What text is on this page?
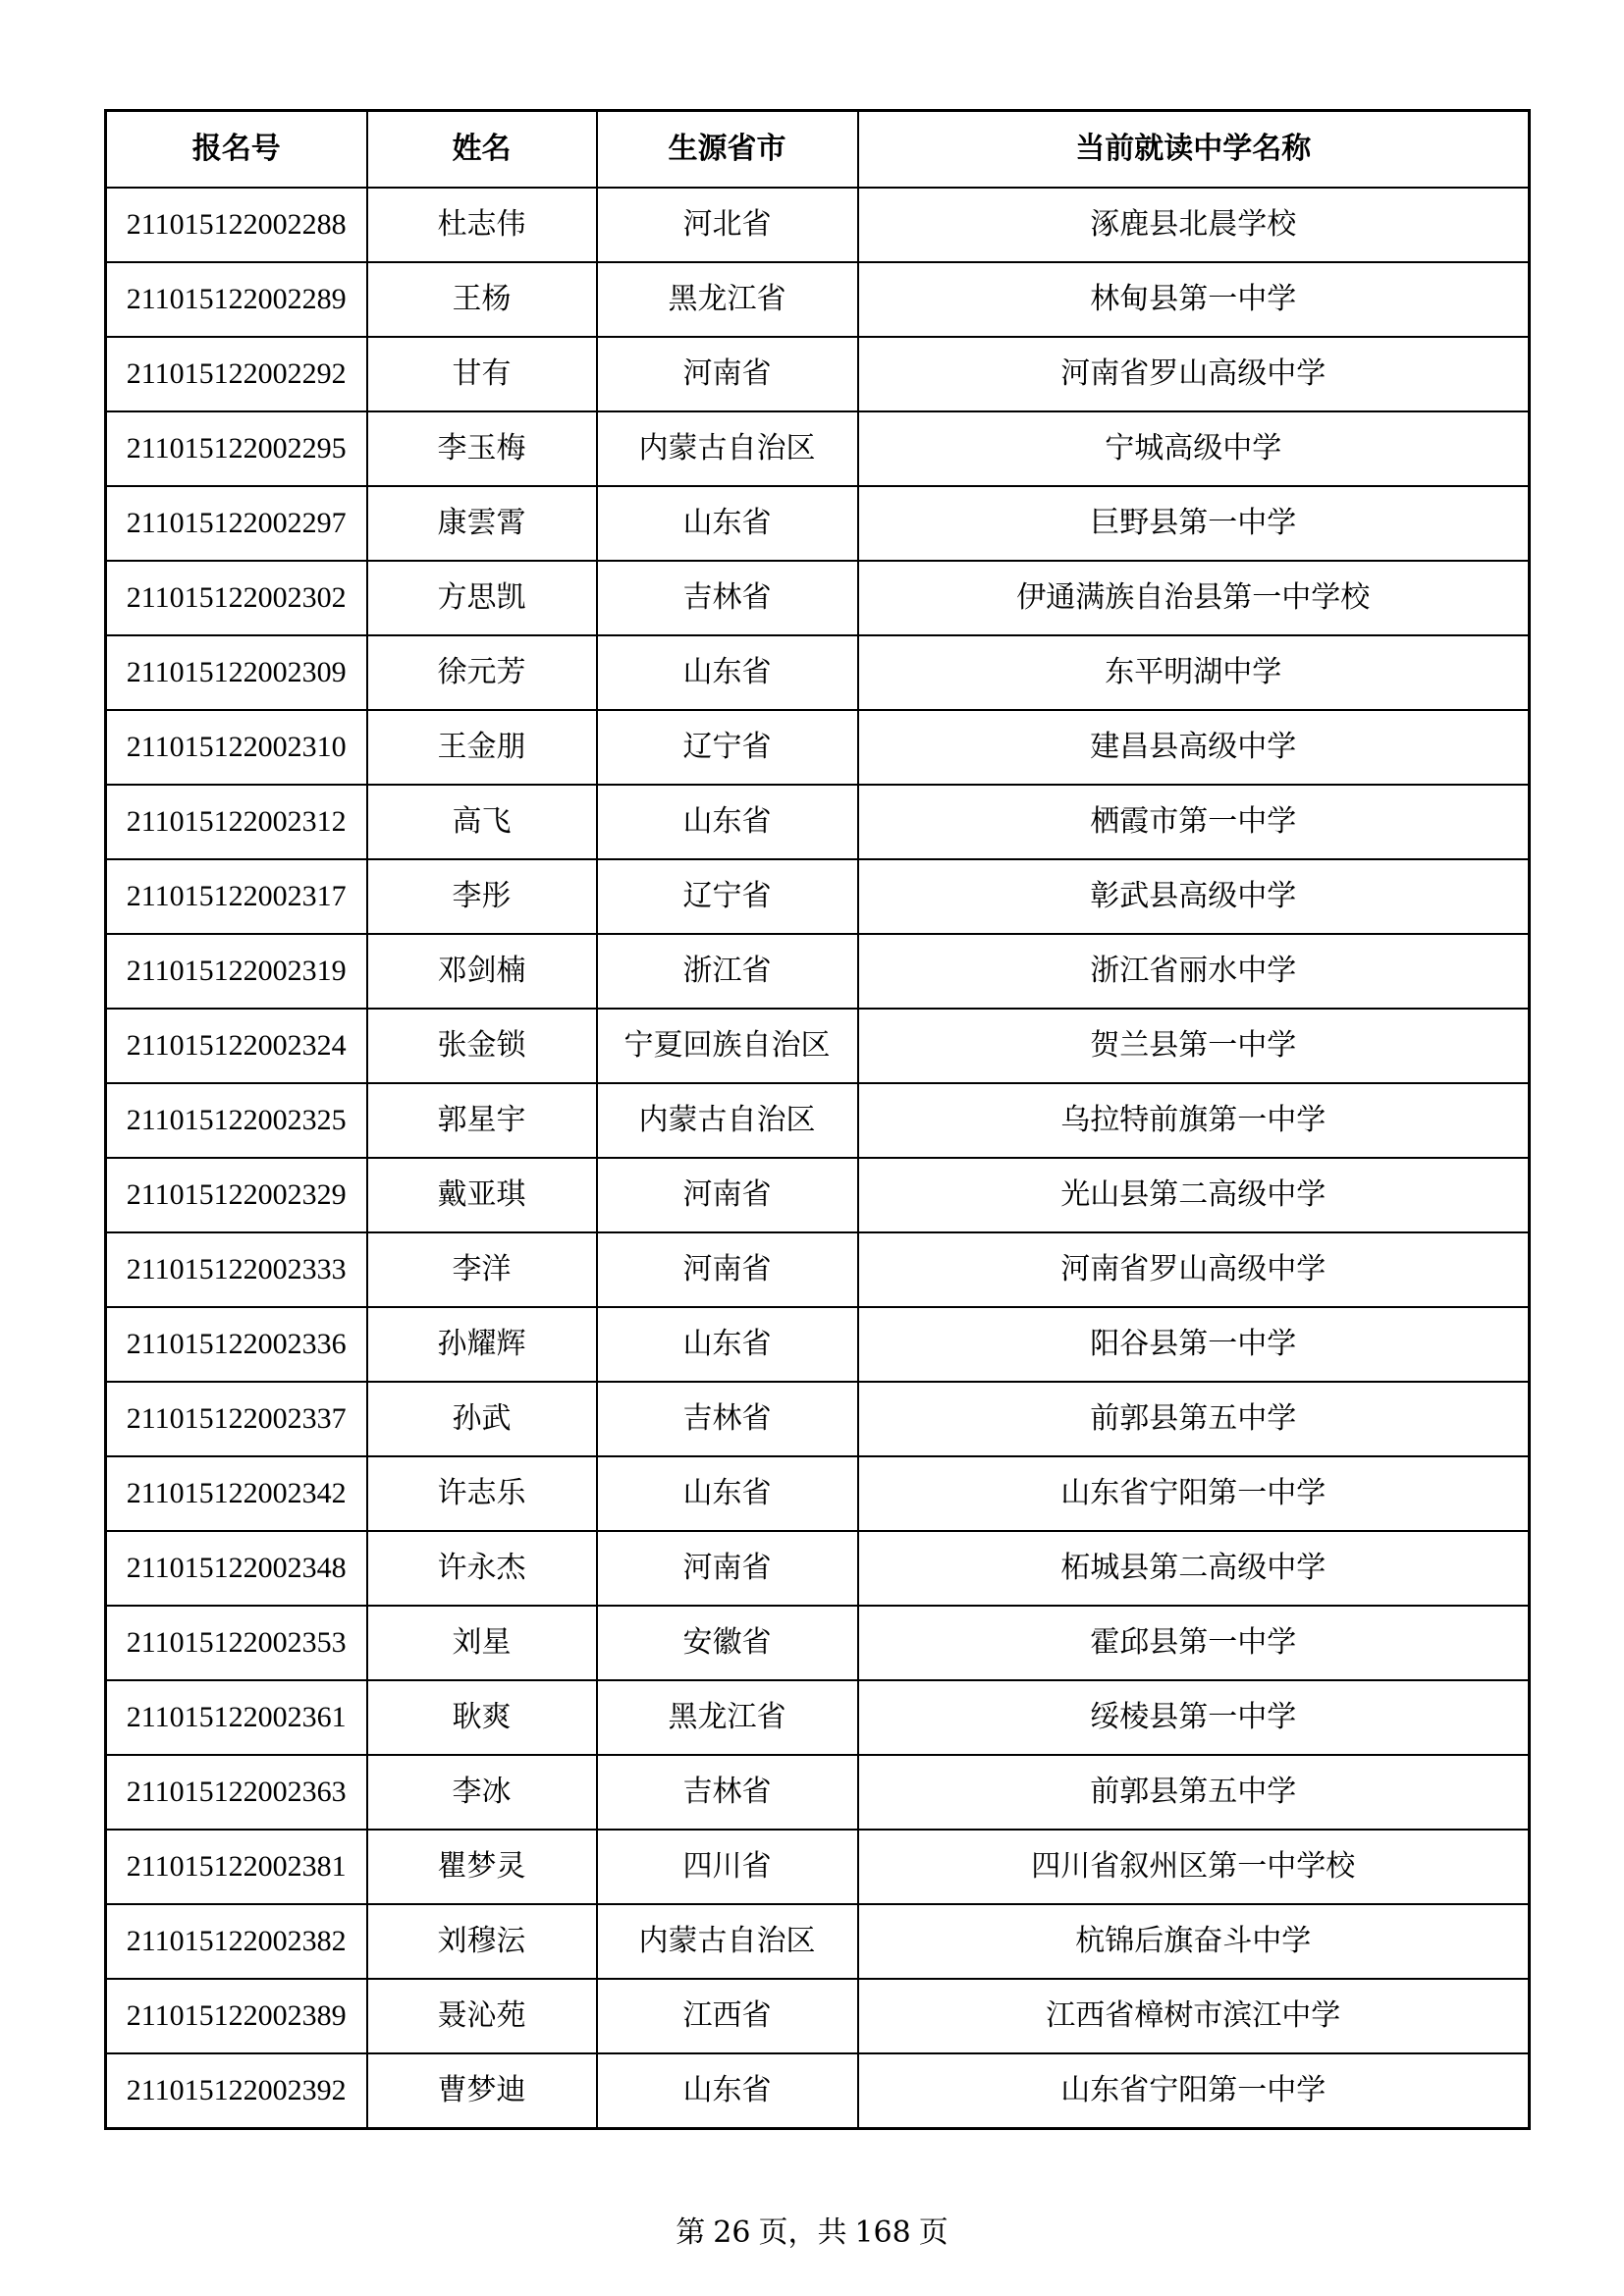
报名号	姓名	生源省市	当前就读中学名称
211015122002288	杜志伟	河北省	涿鹿县北晨学校
211015122002289	王杨	黑龙江省	林甸县第一中学
211015122002292	甘有	河南省	河南省罗山高级中学
211015122002295	李玉梅	内蒙古自治区	宁城高级中学
211015122002297	康雲霄	山东省	巨野县第一中学
211015122002302	方思凯	吉林省	伊通满族自治县第一中学校
211015122002309	徐元芳	山东省	东平明湖中学
211015122002310	王金朋	辽宁省	建昌县高级中学
211015122002312	高飞	山东省	栖霞市第一中学
211015122002317	李彤	辽宁省	彰武县高级中学
211015122002319	邓剑楠	浙江省	浙江省丽水中学
211015122002324	张金锁	宁夏回族自治区	贺兰县第一中学
211015122002325	郭星宇	内蒙古自治区	乌拉特前旗第一中学
211015122002329	戴亚琪	河南省	光山县第二高级中学
211015122002333	李洋	河南省	河南省罗山高级中学
211015122002336	孙耀辉	山东省	阳谷县第一中学
211015122002337	孙武	吉林省	前郭县第五中学
211015122002342	许志乐	山东省	山东省宁阳第一中学
211015122002348	许永杰	河南省	柘城县第二高级中学
211015122002353	刘星	安徽省	霍邱县第一中学
211015122002361	耿爽	黑龙江省	绥棱县第一中学
211015122002363	李冰	吉林省	前郭县第五中学
211015122002381	瞿梦灵	四川省	四川省叙州区第一中学校
211015122002382	刘穆沄	内蒙古自治区	杭锦后旗奋斗中学
211015122002389	聂沁苑	江西省	江西省樟树市滨江中学
211015122002392	曹梦迪	山东省	山东省宁阳第一中学
第 26 页，共 168 页
